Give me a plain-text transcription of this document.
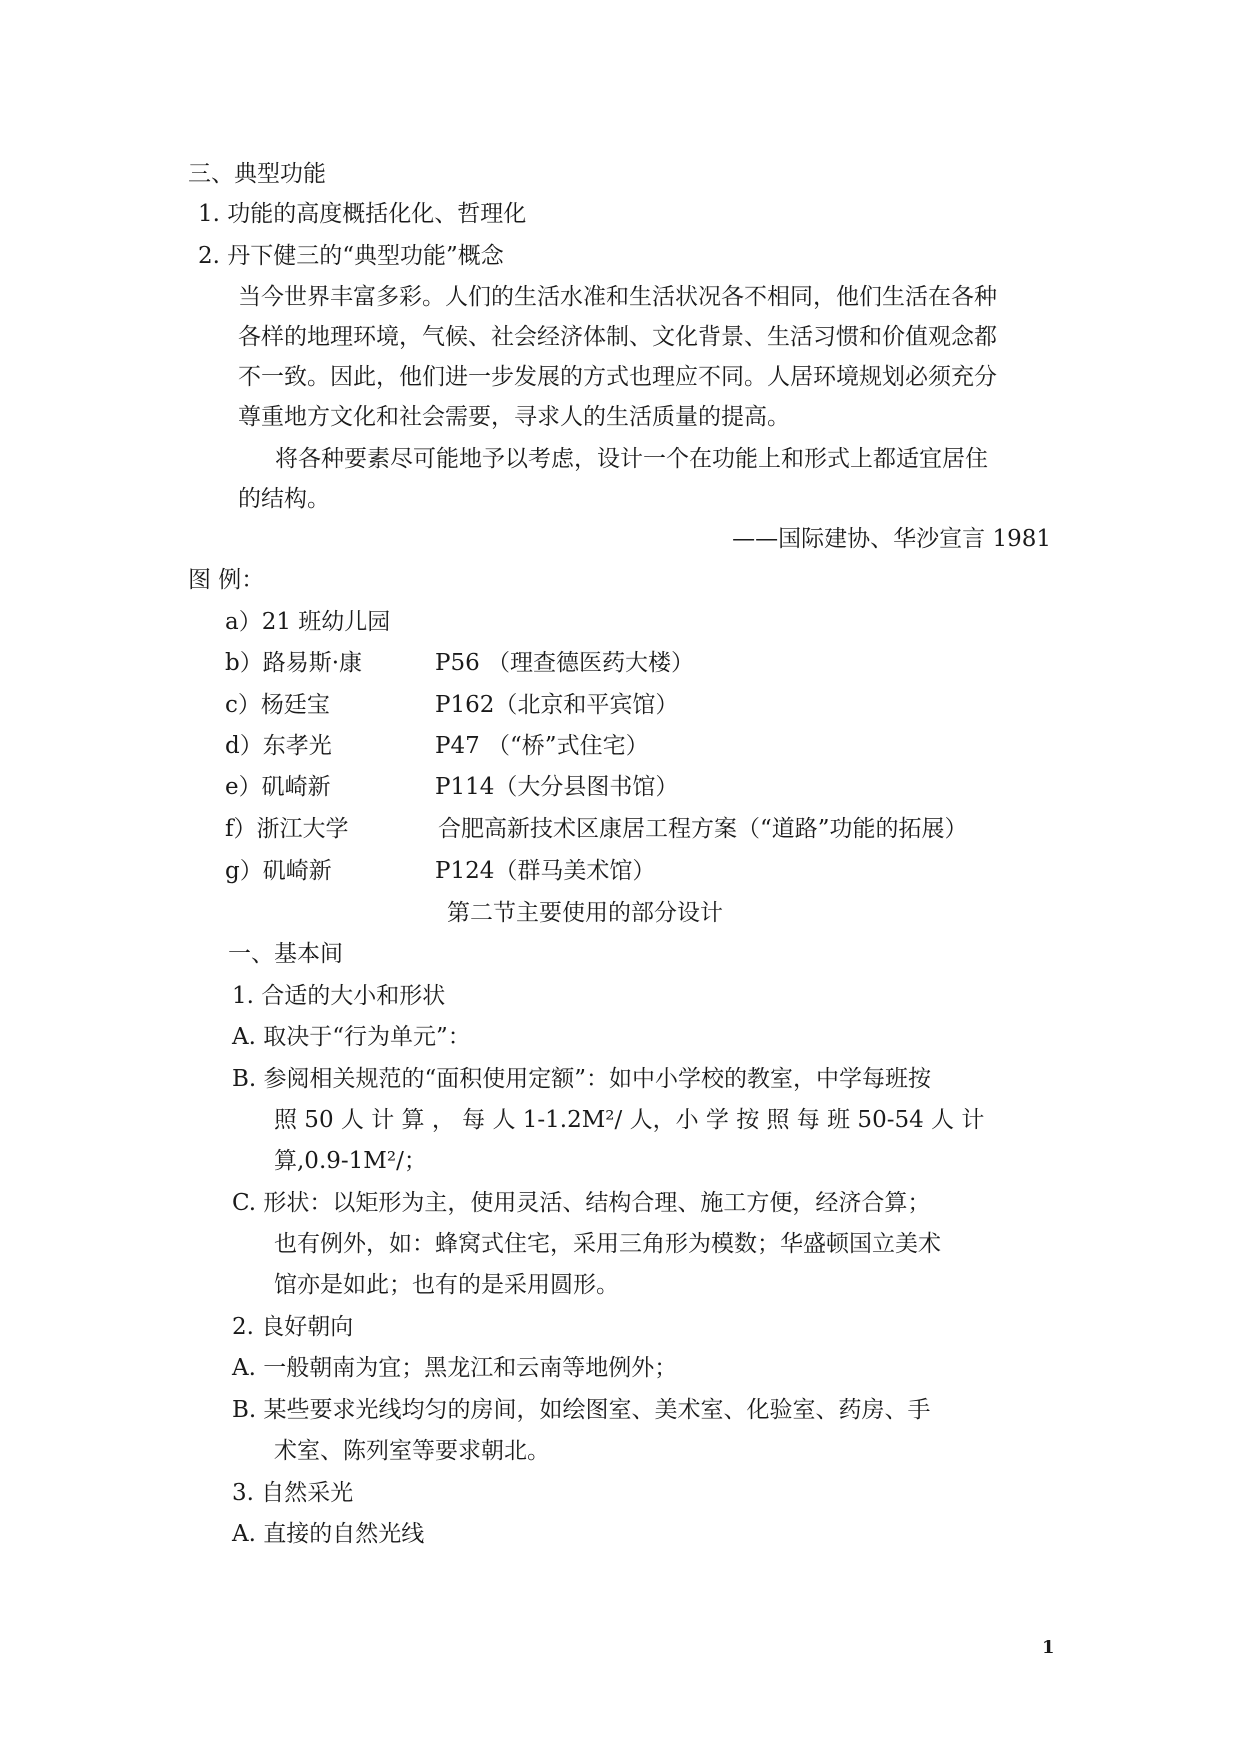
三、典型功能
1. 功能的高度概括化化、哲理化
2. 丹下健三的“典型功能”概念
当今世界丰富多彩。人们的生活水准和生活状况各不相同，他们生活在各种
各样的地理环境，气候、社会经济体制、文化背景、生活习惯和价值观念都
不一致。因此，他们进一步发展的方式也理应不同。人居环境规划必须充分
尊重地方文化和社会需要，寻求人的生活质量的提高。
将各种要素尽可能地予以考虑，设计一个在功能上和形式上都适宜居住
的结构。
——国际建协、华沙宣言 1981
图 例：
a）21 班幼儿园
b）路易斯·康	P56 （理查德医药大楼）
c）杨廷宝	P162（北京和平宾馆）
d）东孝光	P47 （“桥”式住宅）
e）矶崎新	P114（大分县图书馆）
f）浙江大学	合肥高新技术区康居工程方案（“道路”功能的拓展）
g）矶崎新	P124（群马美术馆）
第二节主要使用的部分设计
一、基本间
1. 合适的大小和形状
A. 取决于“行为单元”：
B. 参阅相关规范的“面积使用定额”：如中小学校的教室，中学每班按
照 50 人 计 算 ， 每 人 1-1.2M²/ 人，小 学 按 照 每 班 50-54 人 计
算,0.9-1M²/；
C. 形状：以矩形为主，使用灵活、结构合理、施工方便，经济合算；
也有例外，如：蜂窝式住宅，采用三角形为模数；华盛顿国立美术
馆亦是如此；也有的是采用圆形。
2. 良好朝向
A. 一般朝南为宜；黑龙江和云南等地例外；
B. 某些要求光线均匀的房间，如绘图室、美术室、化验室、药房、手
术室、陈列室等要求朝北。
3. 自然采光
A. 直接的自然光线
1
